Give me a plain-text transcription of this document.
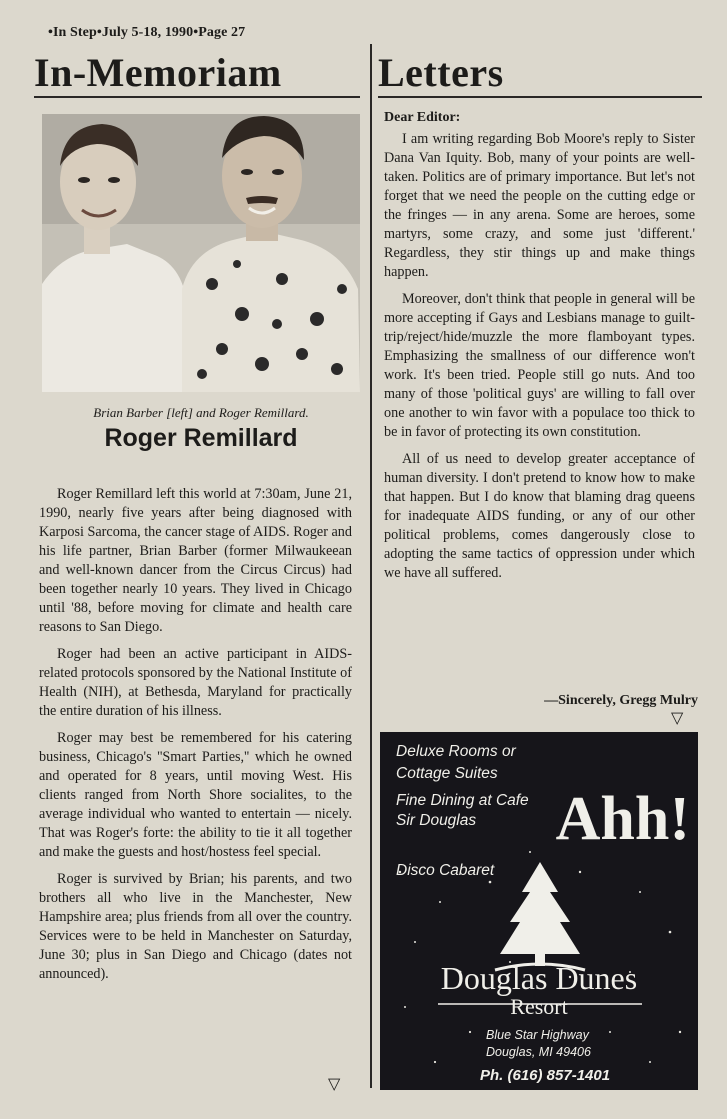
•In Step•July 5-18, 1990•Page 27
In-Memoriam
Brian Barber [left] and Roger Remillard.
Roger Remillard

Roger Remillard left this world at 7:30am, June 21, 1990, nearly five years after being diagnosed with Karposi Sarcoma, the cancer stage of AIDS. Roger and his life partner, Brian Barber (former Milwaukeean and well-known dancer from the Circus Circus) had been together nearly 10 years. They lived in Chicago until '88, before moving for climate and health care reasons to San Diego.

Roger had been an active participant in AIDS-related protocols sponsored by the National Institute of Health (NIH), at Bethesda, Maryland for practically the entire duration of his illness.

Roger may best be remembered for his catering business, Chicago's ''Smart Parties,'' which he owned and operated for 8 years, until moving West. His clients ranged from North Shore socialites, to the average individual who wanted to entertain — nicely. That was Roger's forte: the ability to tie it all together and make the guests and host/hostess feel special.

Roger is survived by Brian; his parents, and two brothers all who live in the Manchester, New Hampshire area; plus friends from all over the country. Services were to be held in Manchester on Saturday, June 30; plus in San Diego and Chicago (dates not announced).

▽
Letters
Dear Editor:

I am writing regarding Bob Moore's reply to Sister Dana Van Iquity. Bob, many of your points are well-taken. Politics are of primary importance. But let's not forget that we need the people on the cutting edge or the fringes — in any arena. Some are heroes, some martyrs, some crazy, and some just 'different.' Regardless, they stir things up and make things happen.

Moreover, don't think that people in general will be more accepting if Gays and Lesbians manage to guilt-trip/reject/hide/muzzle the more flamboyant types. Emphasizing the smallness of our difference won't work. It's been tried. People still go nuts. And too many of those 'political guys' are willing to fall over one another to win favor with a populace too thick to be in favor of protecting its own constitution.

All of us need to develop greater acceptance of human diversity. I don't pretend to know how to make that happen. But I do know that blaming drag queens for inadequate AIDS funding, or any of our other political problems, comes dangerously close to adopting the same tactics of oppression under which we have all suffered.

—Sincerely, Gregg Mulry
▽
Deluxe Rooms or
Cottage Suites
Fine Dining at Cafe
Sir Douglas
Disco Cabaret
Ahh!
Douglas Dunes
Resort
Blue Star Highway
Douglas, MI 49406
Ph. (616) 857-1401
